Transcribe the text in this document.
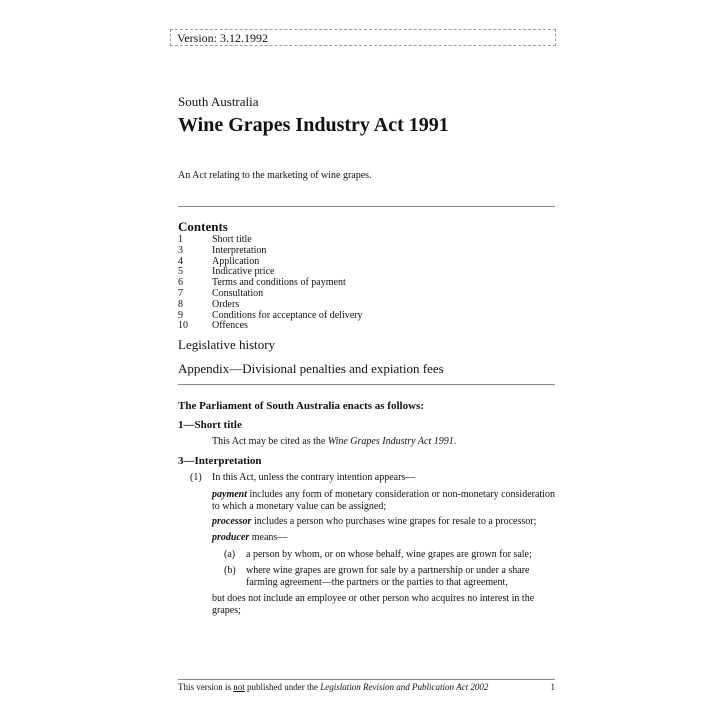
Version: 3.12.1992
South Australia
Wine Grapes Industry Act 1991
An Act relating to the marketing of wine grapes.
Contents
1	Short title
3	Interpretation
4	Application
5	Indicative price
6	Terms and conditions of payment
7	Consultation
8	Orders
9	Conditions for acceptance of delivery
10	Offences
Legislative history
Appendix—Divisional penalties and expiation fees
The Parliament of South Australia enacts as follows:
1—Short title
This Act may be cited as the Wine Grapes Industry Act 1991.
3—Interpretation
(1) In this Act, unless the contrary intention appears—
payment includes any form of monetary consideration or non-monetary consideration to which a monetary value can be assigned;
processor includes a person who purchases wine grapes for resale to a processor;
producer means—
(a) a person by whom, or on whose behalf, wine grapes are grown for sale;
(b) where wine grapes are grown for sale by a partnership or under a share farming agreement—the partners or the parties to that agreement,
but does not include an employee or other person who acquires no interest in the grapes;
This version is not published under the Legislation Revision and Publication Act 2002	1
